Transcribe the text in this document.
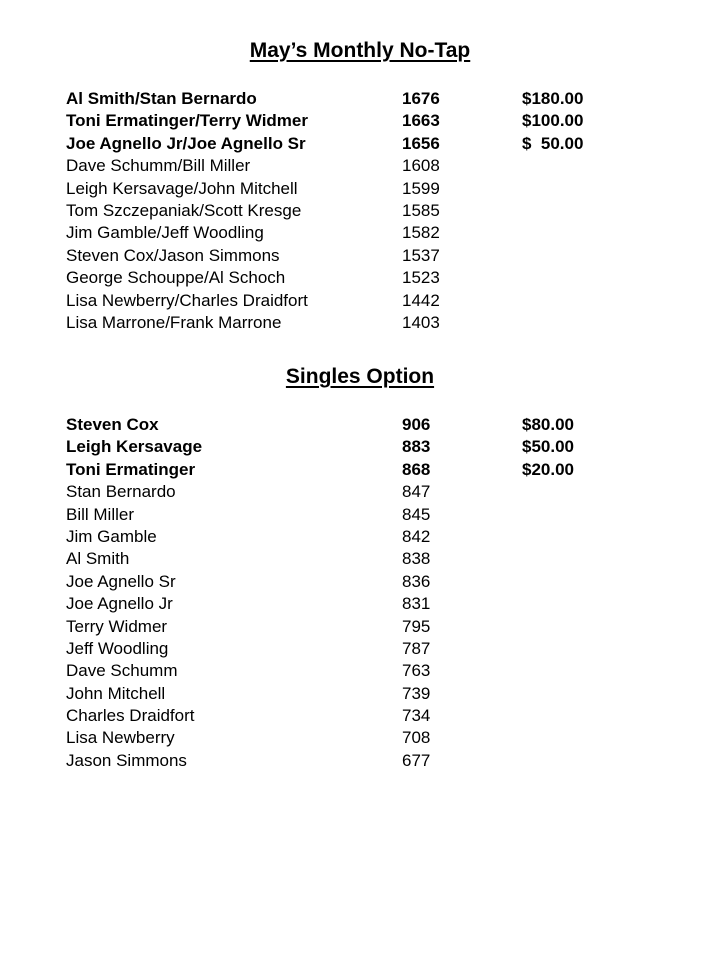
May’s Monthly No-Tap
Al Smith/Stan Bernardo	1676	$180.00
Toni Ermatinger/Terry Widmer	1663	$100.00
Joe Agnello Jr/Joe Agnello Sr	1656	$  50.00
Dave Schumm/Bill Miller	1608
Leigh Kersavage/John Mitchell	1599
Tom Szczepaniak/Scott Kresge	1585
Jim Gamble/Jeff Woodling	1582
Steven Cox/Jason Simmons	1537
George Schouppe/Al Schoch	1523
Lisa Newberry/Charles Draidfort	1442
Lisa Marrone/Frank Marrone	1403
Singles Option
Steven Cox	906	$80.00
Leigh Kersavage	883	$50.00
Toni Ermatinger	868	$20.00
Stan Bernardo	847
Bill Miller	845
Jim Gamble	842
Al Smith	838
Joe Agnello Sr	836
Joe Agnello Jr	831
Terry Widmer	795
Jeff Woodling	787
Dave Schumm	763
John Mitchell	739
Charles Draidfort	734
Lisa Newberry	708
Jason Simmons	677
